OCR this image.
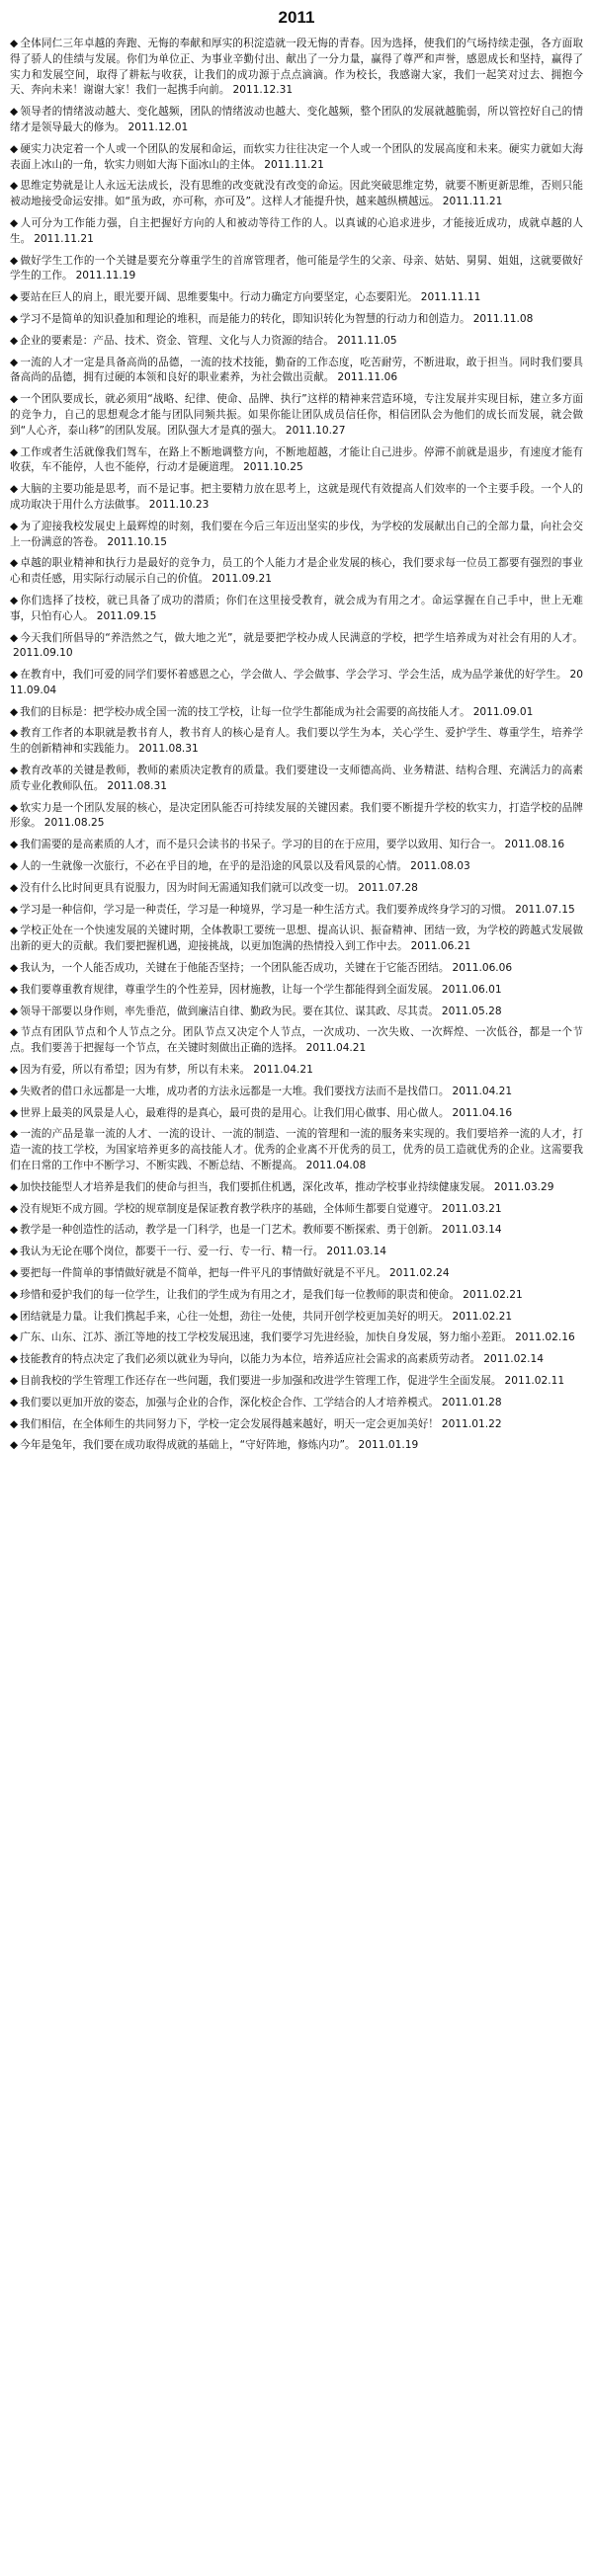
2011

◆ 全体同仁三年卓越的奔跑、无悔的奉献和厚实的积淀造就一段无悔的青春。因为选择，使我们的气场持续走强，各方面取得了骄人的佳绩与发展。你们为单位正、为事业辛勤付出、献出了一分力量，赢得了尊严和声誉，感恩成长和坚持，赢得了实力和发展空间，取得了耕耘与收获，让我们的成功源于点点滴滴。作为校长，我感谢大家，我们一起笑对过去、拥抱今天、奔向未来！谢谢大家！我们一起携手向前。 2011.12.31

◆ 领导者的情绪波动越大、变化越频，团队的情绪波动也越大、变化越频，整个团队的发展就越脆弱，所以管控好自己的情绪才是领导最大的修为。 2011.12.01

◆ 硬实力决定着一个人或一个团队的发展和命运，而软实力往往决定一个人或一个团队的发展高度和未来。硬实力就如大海表面上冰山的一角，软实力则如大海下面冰山的主体。 2011.11.21

◆ 思维定势就是让人永远无法成长，没有思维的改变就没有改变的命运。因此突破思维定势，就要不断更新思维，否则只能被动地接受命运安排。如“虽为政，亦可称，亦可及”。这样人才能提升快，越来越纵横越远。 2011.11.21

◆ 人可分为工作能力强，自主把握好方向的人和被动等待工作的人。以真诚的心追求进步，才能接近成功，成就卓越的人生。 2011.11.21

◆ 做好学生工作的一个关键是要充分尊重学生的首席管理者，他可能是学生的父亲、母亲、姑姑、舅舅、姐姐，这就要做好学生的工作。 2011.11.19

◆ 要站在巨人的肩上，眼光要开阔、思维要集中。行动力确定方向要坚定，心态要阳光。 2011.11.11

◆ 学习不是简单的知识叠加和理论的堆积，而是能力的转化，即知识转化为智慧的行动力和创造力。 2011.11.08

◆ 企业的要素是：产品、技术、资金、管理、文化与人力资源的结合。 2011.11.05

◆ 一流的人才一定是具备高尚的品德，一流的技术技能，勤奋的工作态度，吃苦耐劳，不断进取，敢于担当。同时我们要具备高尚的品德，拥有过硬的本领和良好的职业素养，为社会做出贡献。 2011.11.06

◆ 一个团队要成长，就必须用“战略、纪律、使命、品牌、执行”这样的精神来营造环境，专注发展并实现目标，建立多方面的竞争力，自己的思想观念才能与团队同频共振。如果你能让团队成员信任你，相信团队会为他们的成长而发展，就会做到“人心齐，泰山移”的团队发展。团队强大才是真的强大。 2011.10.27

◆ 工作或者生活就像我们驾车，在路上不断地调整方向，不断地超越，才能让自己进步。停滞不前就是退步，有速度才能有收获，车不能停，人也不能停，行动才是硬道理。 2011.10.25

◆ 大脑的主要功能是思考，而不是记事。把主要精力放在思考上，这就是现代有效提高人们效率的一个主要手段。一个人的成功取决于用什么方法做事。 2011.10.23

◆ 为了迎接我校发展史上最辉煌的时刻，我们要在今后三年迈出坚实的步伐，为学校的发展献出自己的全部力量，向社会交上一份满意的答卷。 2011.10.15

◆ 卓越的职业精神和执行力是最好的竞争力，员工的个人能力才是企业发展的核心，我们要求每一位员工都要有强烈的事业心和责任感，用实际行动展示自己的价值。 2011.09.21

◆ 你们选择了技校，就已具备了成功的潜质；你们在这里接受教育，就会成为有用之才。命运掌握在自己手中，世上无难事，只怕有心人。 2011.09.15

◆ 今天我们所倡导的“养浩然之气，做大地之光”，就是要把学校办成人民满意的学校，把学生培养成为对社会有用的人才。2011.09.10

◆ 在教育中，我们可爱的同学们要怀着感恩之心，学会做人、学会做事、学会学习、学会生活，成为品学兼优的好学生。 2011.09.04

◆ 我们的目标是：把学校办成全国一流的技工学校，让每一位学生都能成为社会需要的高技能人才。 2011.09.01

◆ 教育工作者的本职就是教书育人，教书育人的核心是育人。我们要以学生为本，关心学生、爱护学生、尊重学生，培养学生的创新精神和实践能力。 2011.08.31

◆ 教育改革的关键是教师，教师的素质决定教育的质量。我们要建设一支师德高尚、业务精湛、结构合理、充满活力的高素质专业化教师队伍。 2011.08.31

◆ 软实力是一个团队发展的核心，是决定团队能否可持续发展的关键因素。我们要不断提升学校的软实力，打造学校的品牌形象。 2011.08.25

◆ 我们需要的是高素质的人才，而不是只会读书的书呆子。学习的目的在于应用，要学以致用、知行合一。 2011.08.16

◆ 人的一生就像一次旅行，不必在乎目的地，在乎的是沿途的风景以及看风景的心情。 2011.08.03

◆ 没有什么比时间更具有说服力，因为时间无需通知我们就可以改变一切。 2011.07.28

◆ 学习是一种信仰，学习是一种责任，学习是一种境界，学习是一种生活方式。我们要养成终身学习的习惯。 2011.07.15

◆ 学校正处在一个快速发展的关键时期，全体教职工要统一思想、提高认识、振奋精神、团结一致，为学校的跨越式发展做出新的更大的贡献。我们要把握机遇，迎接挑战，以更加饱满的热情投入到工作中去。 2011.06.21

◆ 我认为，一个人能否成功，关键在于他能否坚持；一个团队能否成功，关键在于它能否团结。 2011.06.06

◆ 我们要尊重教育规律，尊重学生的个性差异，因材施教，让每一个学生都能得到全面发展。 2011.06.01

◆ 领导干部要以身作则，率先垂范，做到廉洁自律、勤政为民。要在其位、谋其政、尽其责。 2011.05.28

◆ 节点有团队节点和个人节点之分。团队节点又决定个人节点，一次成功、一次失败、一次辉煌、一次低谷，都是一个节点。我们要善于把握每一个节点，在关键时刻做出正确的选择。 2011.04.21

◆ 因为有爱，所以有希望；因为有梦，所以有未来。 2011.04.21

◆ 失败者的借口永远都是一大堆，成功者的方法永远都是一大堆。我们要找方法而不是找借口。 2011.04.21

◆ 世界上最美的风景是人心，最难得的是真心，最可贵的是用心。让我们用心做事、用心做人。 2011.04.16

◆ 一流的产品是靠一流的人才、一流的设计、一流的制造、一流的管理和一流的服务来实现的。我们要培养一流的人才，打造一流的技工学校，为国家培养更多的高技能人才。优秀的企业离不开优秀的员工，优秀的员工造就优秀的企业。这需要我们在日常的工作中不断学习、不断实践、不断总结、不断提高。 2011.04.08

◆ 加快技能型人才培养是我们的使命与担当，我们要抓住机遇，深化改革，推动学校事业持续健康发展。 2011.03.29

◆ 没有规矩不成方圆。学校的规章制度是保证教育教学秩序的基础，全体师生都要自觉遵守。 2011.03.21

◆ 教学是一种创造性的活动，教学是一门科学，也是一门艺术。教师要不断探索、勇于创新。 2011.03.14

◆ 我认为无论在哪个岗位，都要干一行、爱一行、专一行、精一行。 2011.03.14

◆ 要把每一件简单的事情做好就是不简单，把每一件平凡的事情做好就是不平凡。 2011.02.24

◆ 珍惜和爱护我们的每一位学生，让我们的学生成为有用之才，是我们每一位教师的职责和使命。 2011.02.21

◆ 团结就是力量。让我们携起手来，心往一处想，劲往一处使，共同开创学校更加美好的明天。 2011.02.21

◆ 广东、山东、江苏、浙江等地的技工学校发展迅速，我们要学习先进经验，加快自身发展，努力缩小差距。 2011.02.16

◆ 技能教育的特点决定了我们必须以就业为导向，以能力为本位，培养适应社会需求的高素质劳动者。 2011.02.14

◆ 目前我校的学生管理工作还存在一些问题，我们要进一步加强和改进学生管理工作，促进学生全面发展。 2011.02.11

◆ 我们要以更加开放的姿态，加强与企业的合作，深化校企合作、工学结合的人才培养模式。 2011.01.28

◆ 我们相信，在全体师生的共同努力下，学校一定会发展得越来越好，明天一定会更加美好！ 2011.01.22

◆ 今年是兔年，我们要在成功取得成就的基础上，“守好阵地，修炼内功”。 2011.01.19
